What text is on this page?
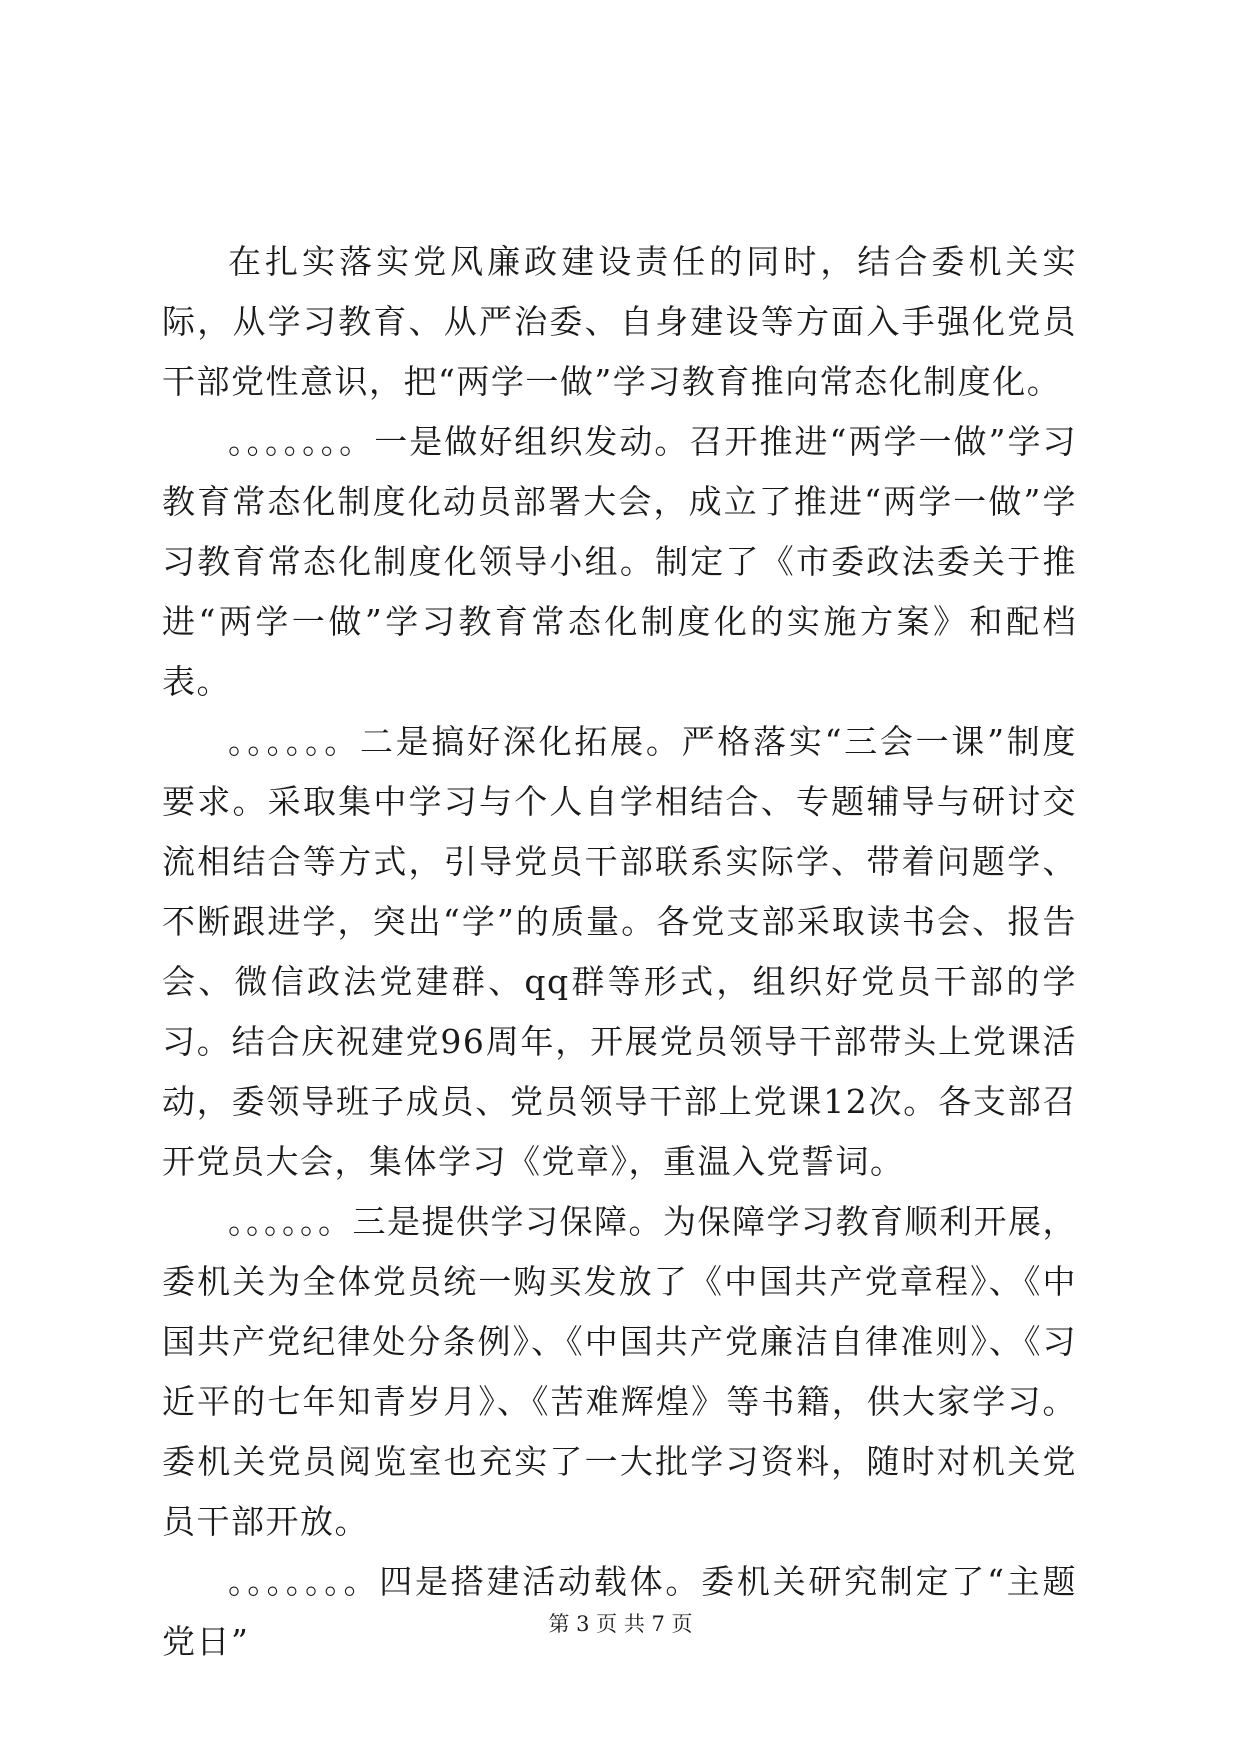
在扎实落实党风廉政建设责任的同时，结合委机关实际，从学习教育、从严治委、自身建设等方面入手强化党员干部党性意识，把“两学一做”学习教育推向常态化制度化。

。。。。。。。一是做好组织发动。召开推进“两学一做”学习教育常态化制度化动员部署大会，成立了推进“两学一做”学习教育常态化制度化领导小组。制定了《市委政法委关于推进“两学一做”学习教育常态化制度化的实施方案》和配档表。

。。。。。。二是搞好深化拓展。严格落实“三会一课”制度要求。采取集中学习与个人自学相结合、专题辅导与研讨交流相结合等方式，引导党员干部联系实际学、带着问题学、不断跟进学，突出“学”的质量。各党支部采取读书会、报告会、微信政法党建群、qq群等形式，组织好党员干部的学习。结合庆祝建党96周年，开展党员领导干部带头上党课活动，委领导班子成员、党员领导干部上党课12次。各支部召开党员大会，集体学习《党章》，重温入党誓词。

。。。。。。三是提供学习保障。为保障学习教育顺利开展，委机关为全体党员统一购买发放了《中国共产党章程》、《中国共产党纪律处分条例》、《中国共产党廉洁自律准则》、《习近平的七年知青岁月》、《苦难辉煌》等书籍，供大家学习。委机关党员阅览室也充实了一大批学习资料，随时对机关党员干部开放。

。。。。。。。四是搭建活动载体。委机关研究制定了“主题党日”	第 3 页 共 7 页
